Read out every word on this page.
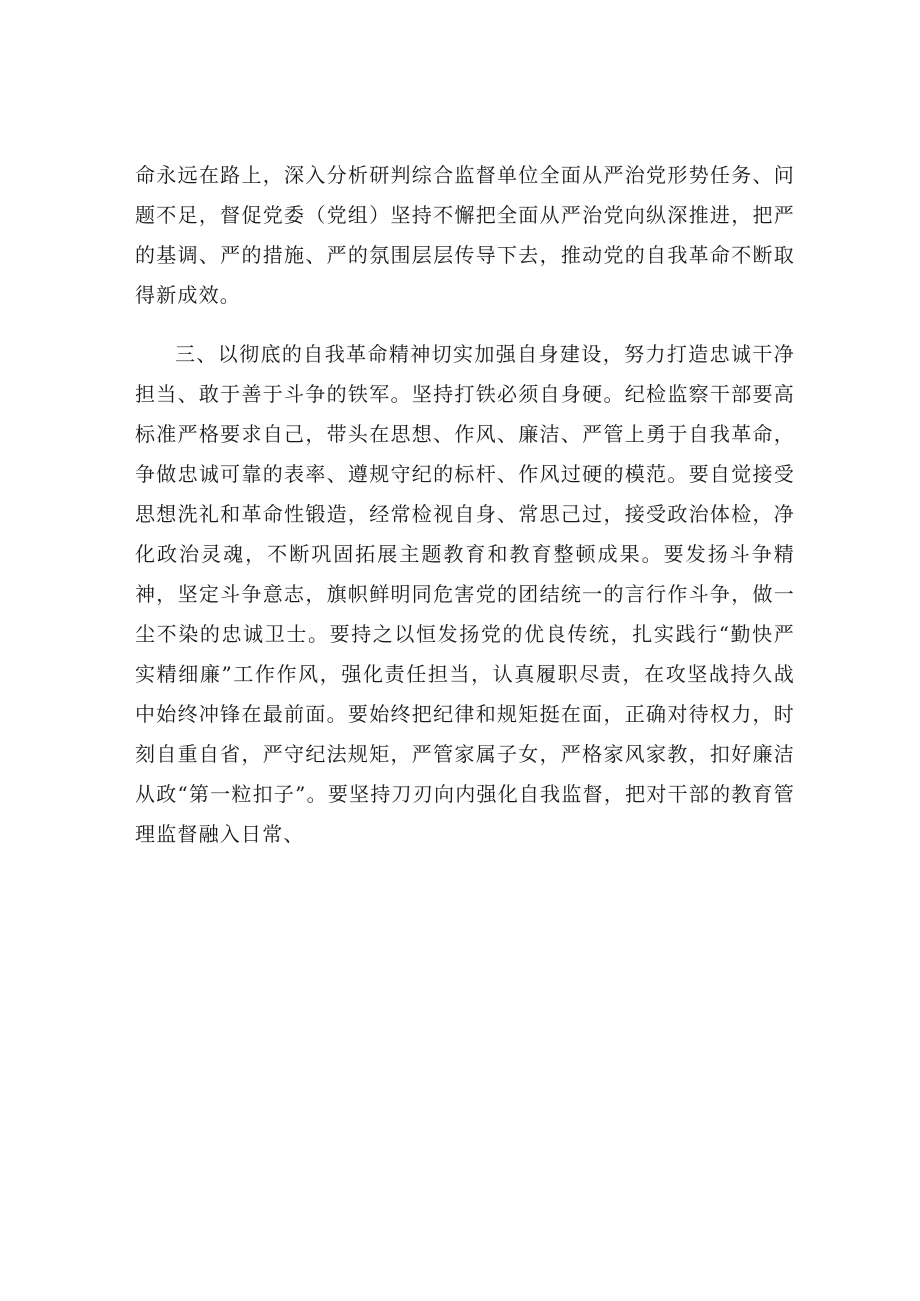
命永远在路上，深入分析研判综合监督单位全面从严治党形势任务、问题不足，督促党委（党组）坚持不懈把全面从严治党向纵深推进，把严的基调、严的措施、严的氛围层层传导下去，推动党的自我革命不断取得新成效。

三、以彻底的自我革命精神切实加强自身建设，努力打造忠诚干净担当、敢于善于斗争的铁军。坚持打铁必须自身硬。纪检监察干部要高标准严格要求自己，带头在思想、作风、廉洁、严管上勇于自我革命，争做忠诚可靠的表率、遵规守纪的标杆、作风过硬的模范。要自觉接受思想洗礼和革命性锻造，经常检视自身、常思己过，接受政治体检，净化政治灵魂，不断巩固拓展主题教育和教育整顿成果。要发扬斗争精神，坚定斗争意志，旗帜鲜明同危害党的团结统一的言行作斗争，做一尘不染的忠诚卫士。要持之以恒发扬党的优良传统，扎实践行“勤快严实精细廉”工作作风，强化责任担当，认真履职尽责，在攻坚战持久战中始终冲锋在最前面。要始终把纪律和规矩挺在面，正确对待权力，时刻自重自省，严守纪法规矩，严管家属子女，严格家风家教，扣好廉洁从政“第一粒扣子”。要坚持刀刃向内强化自我监督，把对干部的教育管理监督融入日常、
